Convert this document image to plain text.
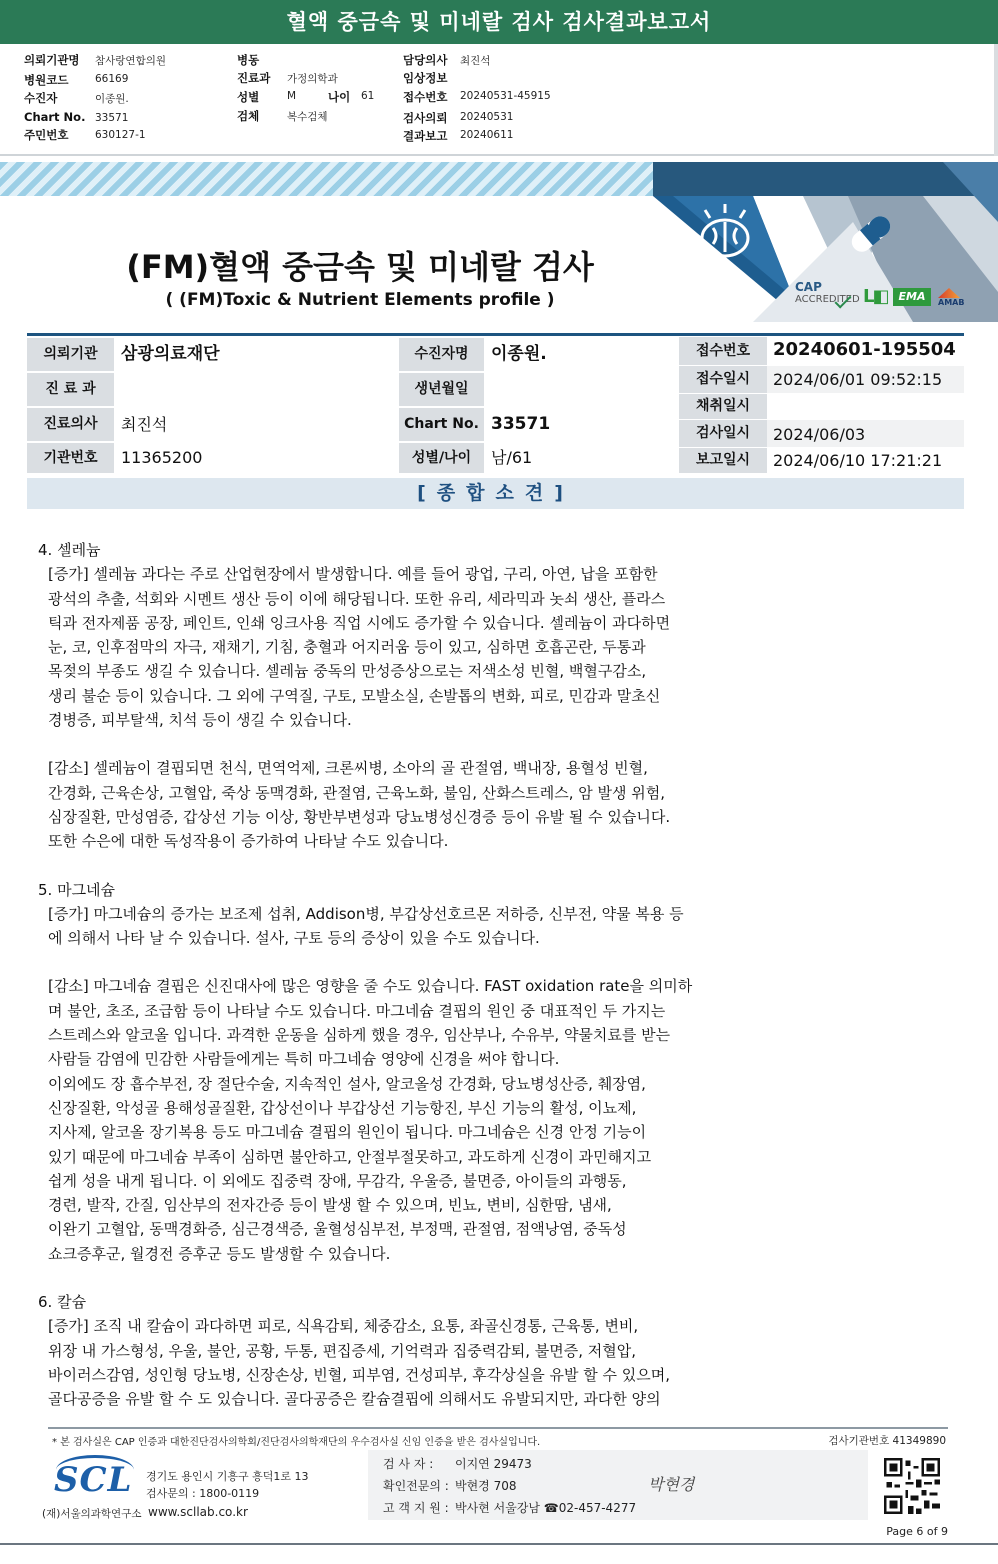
혈액 중금속 및 미네랄 검사 검사결과보고서
의뢰기관명 참사랑연합의원
병원코드	66169
수진자	이종원.
Chart No. 33571
주민번호	630127-1
병동
진료과 가정의학과
성별	M	나이 61
검체	복수검체
담당의사 최진석
임상정보
접수번호 20240531-45915
검사의뢰 20240531
결과보고 20240611
(FM)혈액 중금속 및 미네랄 검사
( (FM)Toxic & Nutrient Elements profile )
CAP
ACCREDITED L◧	EMA	AMAB
의뢰기관	삼광의료재단
진 료 과
진료의사	최진석
기관번호	11365200
수진자명	이종원.
생년월일
Chart No. 33571
성별/나이	남/61
접수번호	20240601-195504
접수일시	2024/06/01 09:52:15
채취일시
검사일시	2024/06/03
보고일시	2024/06/10 17:21:21
[종합소견]
4. 셀레늄
[증가] 셀레늄 과다는 주로 산업현장에서 발생합니다. 예를 들어 광업, 구리, 아연, 납을 포함한
광석의 추출, 석회와 시멘트 생산 등이 이에 해당됩니다. 또한 유리, 세라믹과 놋쇠 생산, 플라스
틱과 전자제품 공장, 페인트, 인쇄 잉크사용 직업 시에도 증가할 수 있습니다. 셀레늄이 과다하면
눈, 코, 인후점막의 자극, 재채기, 기침, 충혈과 어지러움 등이 있고, 심하면 호흡곤란, 두통과
목젖의 부종도 생길 수 있습니다. 셀레늄 중독의 만성증상으로는 저색소성 빈혈, 백혈구감소,
생리 불순 등이 있습니다. 그 외에 구역질, 구토, 모발소실, 손발톱의 변화, 피로, 민감과 말초신
경병증, 피부탈색, 치석 등이 생길 수 있습니다.
[감소] 셀레늄이 결핍되면 천식, 면역억제, 크론씨병, 소아의 골 관절염, 백내장, 용혈성 빈혈,
간경화, 근육손상, 고혈압, 죽상 동맥경화, 관절염, 근육노화, 불임, 산화스트레스, 암 발생 위험,
심장질환, 만성염증, 갑상선 기능 이상, 황반부변성과 당뇨병성신경증 등이 유발 될 수 있습니다.
또한 수은에 대한 독성작용이 증가하여 나타날 수도 있습니다.
5. 마그네슘
[증가] 마그네슘의 증가는 보조제 섭취, Addison병, 부갑상선호르몬 저하증, 신부전, 약물 복용 등
에 의해서 나타 날 수 있습니다. 설사, 구토 등의 증상이 있을 수도 있습니다.
[감소] 마그네슘 결핍은 신진대사에 많은 영향을 줄 수도 있습니다. FAST oxidation rate을 의미하
며 불안, 초조, 조급함 등이 나타날 수도 있습니다. 마그네슘 결핍의 원인 중 대표적인 두 가지는
스트레스와 알코올 입니다. 과격한 운동을 심하게 했을 경우, 임산부나, 수유부, 약물치료를 받는
사람들 감염에 민감한 사람들에게는 특히 마그네슘 영양에 신경을 써야 합니다.
이외에도 장 흡수부전, 장 절단수술, 지속적인 설사, 알코올성 간경화, 당뇨병성산증, 췌장염,
신장질환, 악성골 용해성골질환, 갑상선이나 부갑상선 기능항진, 부신 기능의 활성, 이뇨제,
지사제, 알코올 장기복용 등도 마그네슘 결핍의 원인이 됩니다. 마그네슘은 신경 안정 기능이
있기 때문에 마그네슘 부족이 심하면 불안하고, 안절부절못하고, 과도하게 신경이 과민해지고
쉽게 성을 내게 됩니다. 이 외에도 집중력 장애, 무감각, 우울증, 불면증, 아이들의 과행동,
경련, 발작, 간질, 임산부의 전자간증 등이 발생 할 수 있으며, 빈뇨, 변비, 심한땀, 냄새,
이완기 고혈압, 동맥경화증, 심근경색증, 울혈성심부전, 부정맥, 관절염, 점액낭염, 중독성
쇼크증후군, 월경전 증후군 등도 발생할 수 있습니다.
6. 칼슘
[증가] 조직 내 칼슘이 과다하면 피로, 식욕감퇴, 체중감소, 요통, 좌골신경통, 근육통, 변비,
위장 내 가스형성, 우울, 불안, 공황, 두통, 편집증세, 기억력과 집중력감퇴, 불면증, 저혈압,
바이러스감염, 성인형 당뇨병, 신장손상, 빈혈, 피부염, 건성피부, 후각상실을 유발 할 수 있으며,
골다공증을 유발 할 수 도 있습니다. 골다공증은 칼슘결핍에 의해서도 유발되지만, 과다한 양의
* 본 검사실은 CAP 인증과 대한진단검사의학회/진단검사의학재단의 우수검사실 신임 인증을 받은 검사실입니다.	검사기관번호 41349890
SCL
(재)서울의과학연구소
경기도 용인시 기흥구 흥덕1로 13
검사문의 : 1800-0119
www.scllab.co.kr
검 사 자 : 이지연 29473
확인전문의 : 박현경 708
고 객 지 원 : 박사현 서울강남 ☎02-457-4277
박현경
Page 6 of 9
